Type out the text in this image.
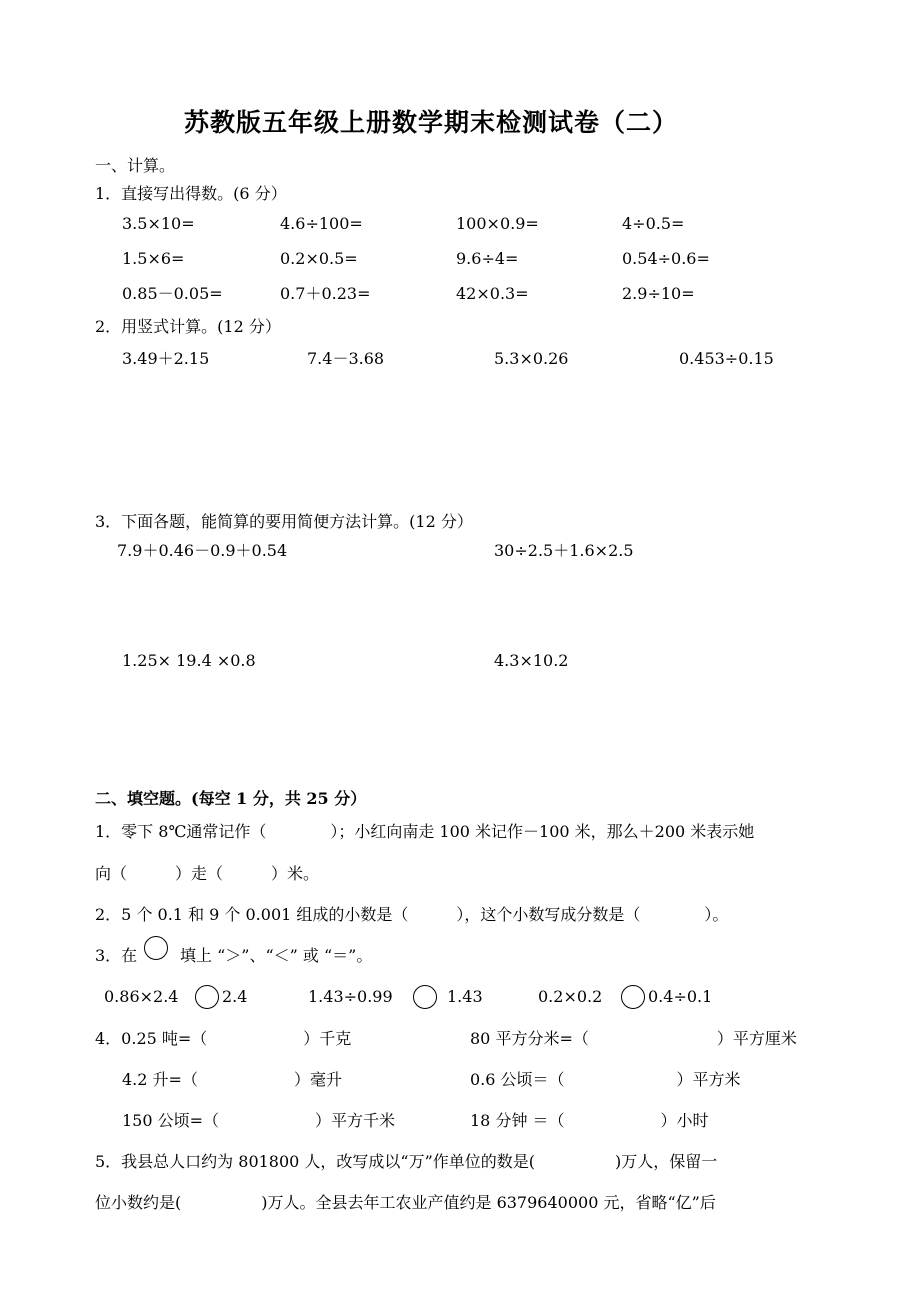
苏教版五年级上册数学期末检测试卷（二）
一、计算。
1．直接写出得数。(6 分）
3.5×10=	4.6÷100=	100×0.9=	4÷0.5=
1.5×6=	0.2×0.5=	9.6÷4=	0.54÷0.6=
0.85－0.05=	0.7＋0.23=	42×0.3=	2.9÷10=
2．用竖式计算。(12 分）
3.49＋2.15	7.4－3.68	5.3×0.26	0.453÷0.15
3．下面各题，能简算的要用简便方法计算。(12 分）
7.9＋0.46－0.9＋0.54	30÷2.5＋1.6×2.5
1.25× 19.4 ×0.8	4.3×10.2
二、填空题。(每空 1 分，共 25 分）
1．零下 8℃通常记作（　　　　）；小红向南走 100 米记作－100 米，那么＋200 米表示她
向（　　　）走（　　　）米。
2．5 个 0.1 和 9 个 0.001 组成的小数是（　　　），这个小数写成分数是（　　　　）。
3．在	填上 “＞”、“＜” 或 “＝”。
0.86×2.4	2.4	1.43÷0.99	1.43	0.2×0.2	0.4÷0.1
4．0.25 吨=（　　　　　　）千克	80 平方分米=（　　　　　　　　）平方厘米
4.2 升=（　　　　　　）毫升	0.6 公顷＝（　　　　　　　）平方米
150 公顷=（　　　　　　）平方千米	18 分钟 ＝（　　　　　　）小时
5．我县总人口约为 801800 人，改写成以“万”作单位的数是(　　　　　)万人，保留一
位小数约是(　　　　　)万人。全县去年工农业产值约是 6379640000 元，省略“亿”后
